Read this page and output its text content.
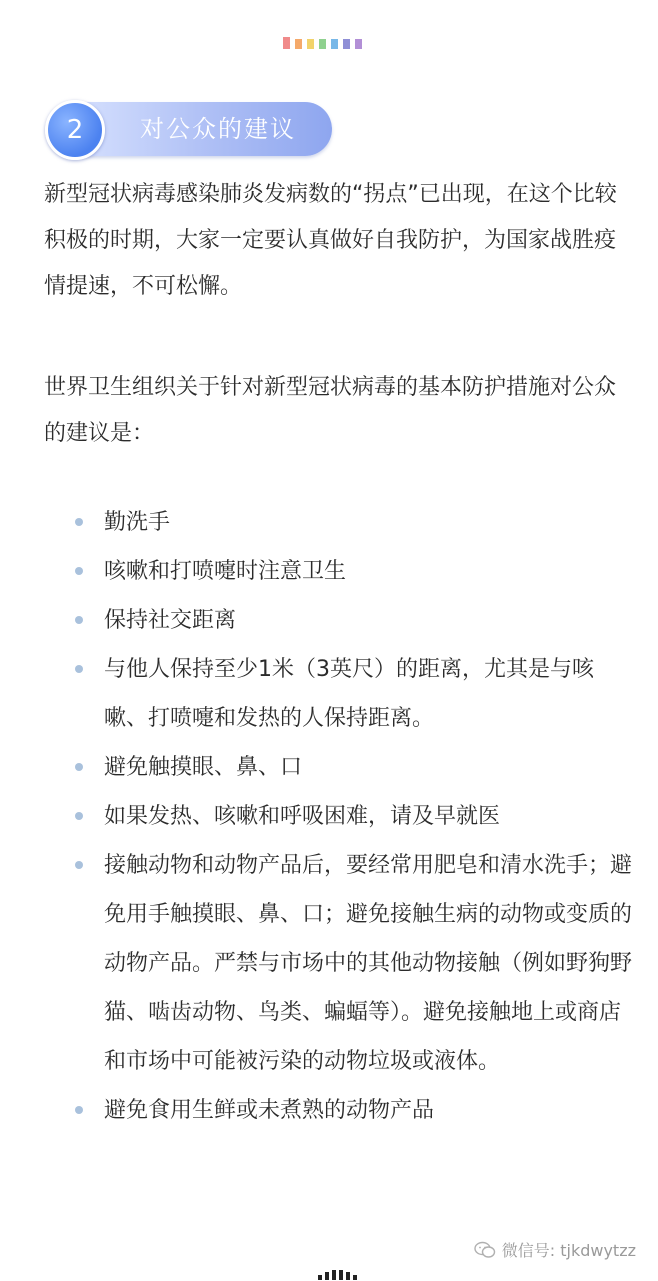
2	对公众的建议

新型冠状病毒感染肺炎发病数的“拐点”已出现，在这个比较积极的时期，大家一定要认真做好自我防护，为国家战胜疫情提速，不可松懈。

世界卫生组织关于针对新型冠状病毒的基本防护措施对公众的建议是：

勤洗手
咳嗽和打喷嚏时注意卫生
保持社交距离
与他人保持至少1米（3英尺）的距离，尤其是与咳嗽、打喷嚏和发热的人保持距离。
避免触摸眼、鼻、口
如果发热、咳嗽和呼吸困难，请及早就医
接触动物和动物产品后，要经常用肥皂和清水洗手；避免用手触摸眼、鼻、口；避免接触生病的动物或变质的动物产品。严禁与市场中的其他动物接触（例如野狗野猫、啮齿动物、鸟类、蝙蝠等）。避免接触地上或商店和市场中可能被污染的动物垃圾或液体。
避免食用生鲜或未煮熟的动物产品
微信号: tjkdwytzz
